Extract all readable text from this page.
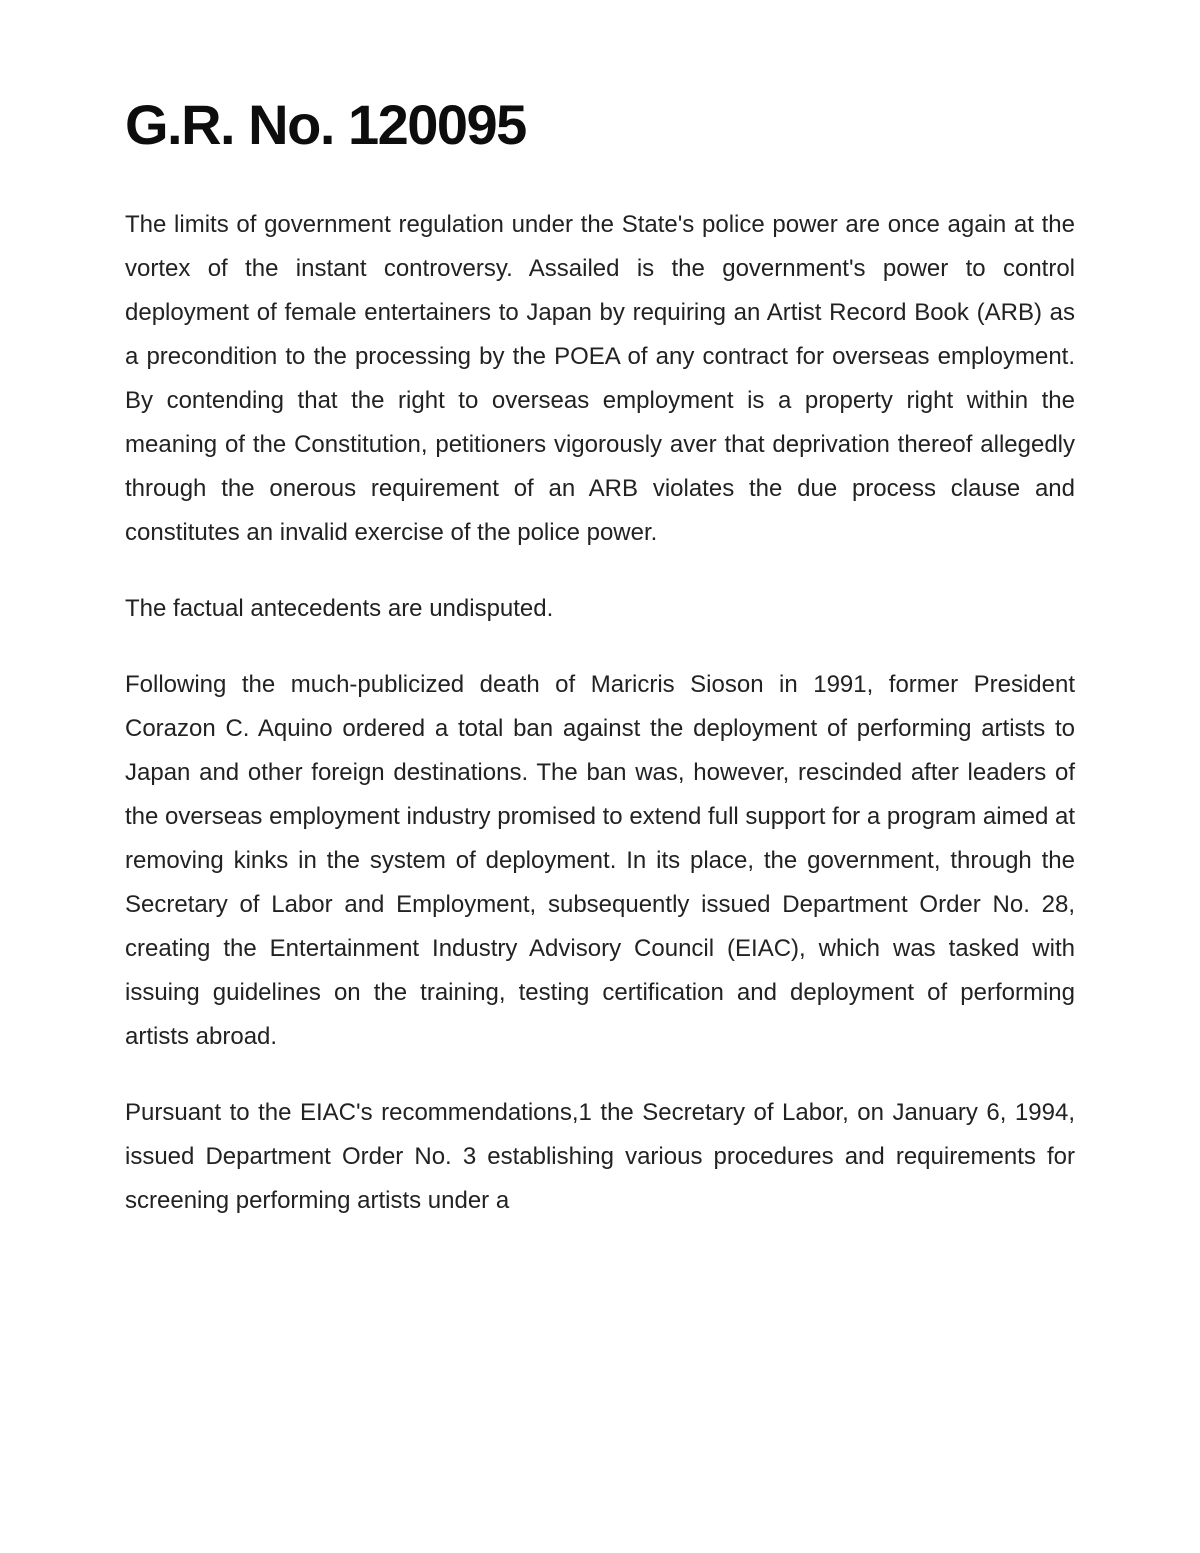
G.R. No. 120095

The limits of government regulation under the State's police power are once again at the vortex of the instant controversy. Assailed is the government's power to control deployment of female entertainers to Japan by requiring an Artist Record Book (ARB) as a precondition to the processing by the POEA of any contract for overseas employment. By contending that the right to overseas employment is a property right within the meaning of the Constitution, petitioners vigorously aver that deprivation thereof allegedly through the onerous requirement of an ARB violates the due process clause and constitutes an invalid exercise of the police power.

The factual antecedents are undisputed.

Following the much-publicized death of Maricris Sioson in 1991, former President Corazon C. Aquino ordered a total ban against the deployment of performing artists to Japan and other foreign destinations. The ban was, however, rescinded after leaders of the overseas employment industry promised to extend full support for a program aimed at removing kinks in the system of deployment. In its place, the government, through the Secretary of Labor and Employment, subsequently issued Department Order No. 28, creating the Entertainment Industry Advisory Council (EIAC), which was tasked with issuing guidelines on the training, testing certification and deployment of performing artists abroad.

Pursuant to the EIAC's recommendations,1 the Secretary of Labor, on January 6, 1994, issued Department Order No. 3 establishing various procedures and requirements for screening performing artists under a
